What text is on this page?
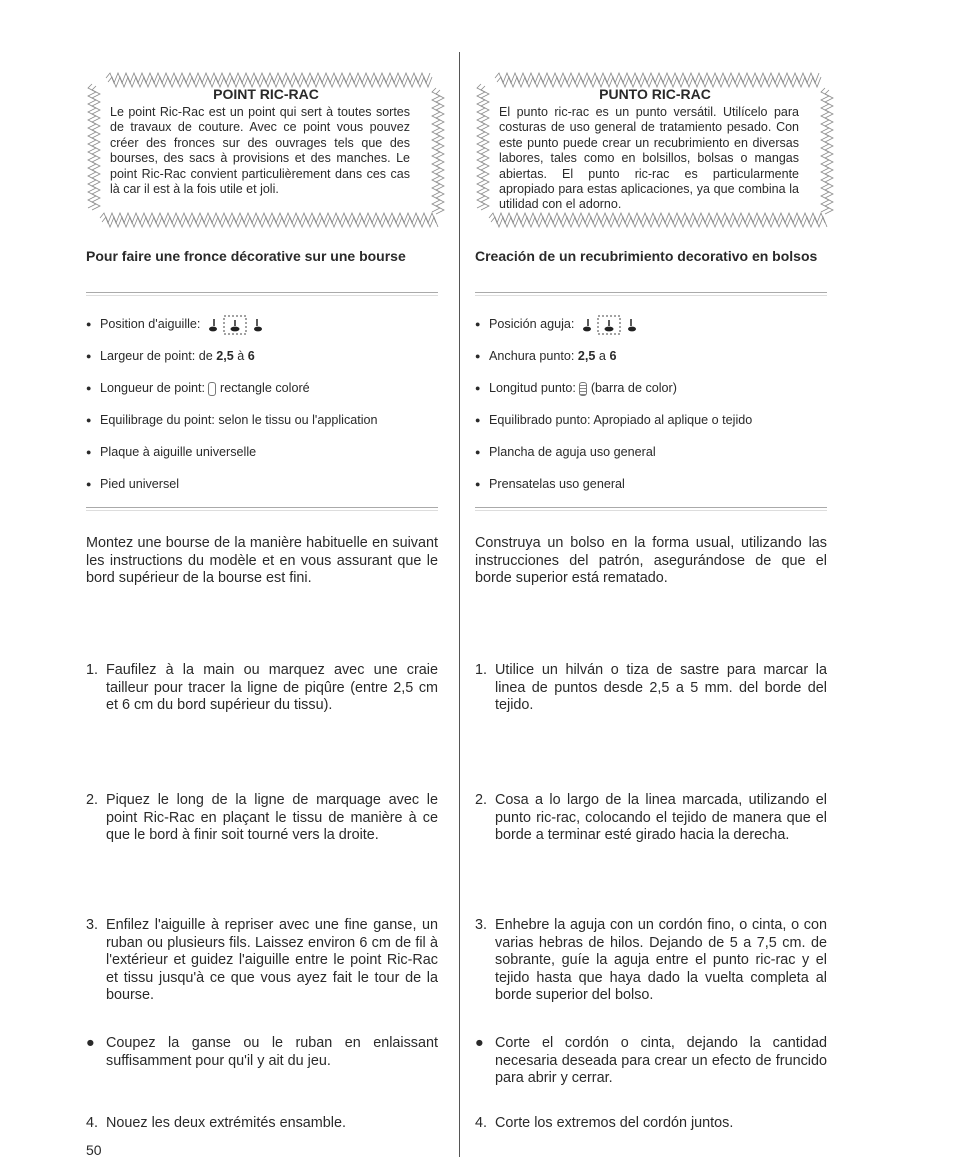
POINT RIC-RAC

Le point Ric-Rac est un point qui sert à toutes sortes de travaux de couture. Avec ce point vous pouvez créer des fronces sur des ouvrages tels que des bourses, des sacs à provisions et des manches. Le point Ric-Rac convient particulièrement dans ces cas là car il est à la fois utile et joli.

Pour faire une fronce décorative sur une bourse

● Position d'aiguille:
● Largeur de point: de 2,5 à 6
● Longueur de point: rectangle coloré
● Equilibrage du point: selon le tissu ou l'application
● Plaque à aiguille universelle
● Pied universel

Montez une bourse de la manière habituelle en suivant les instructions du modèle et en vous assurant que le bord supérieur de la bourse est fini.

1. Faufilez à la main ou marquez avec une craie tailleur pour tracer la ligne de piqûre (entre 2,5 cm et 6 cm du bord supérieur du tissu).
2. Piquez le long de la ligne de marquage avec le point Ric-Rac en plaçant le tissu de manière à ce que le bord à finir soit tourné vers la droite.
3. Enfilez l'aiguille à repriser avec une fine ganse, un ruban ou plusieurs fils. Laissez environ 6 cm de fil à l'extérieur et guidez l'aiguille entre le point Ric-Rac et tissu jusqu'à ce que vous ayez fait le tour de la bourse.
● Coupez la ganse ou le ruban en enlaissant suffisamment pour qu'il y ait du jeu.
4. Nouez les deux extrémités ensamble.

50

PUNTO RIC-RAC

El punto ric-rac es un punto versátil. Utilícelo para costuras de uso general de tratamiento pesado. Con este punto puede crear un recubrimiento en diversas labores, tales como en bolsillos, bolsas o mangas abiertas. El punto ric-rac es particularmente apropiado para estas aplicaciones, ya que combina la utilidad con el adorno.

Creación de un recubrimiento decorativo en bolsos

● Posición aguja:
● Anchura punto: 2,5 a 6
● Longitud punto: (barra de color)
● Equilibrado punto: Apropiado al aplique o tejido
● Plancha de aguja uso general
● Prensatelas uso general

Construya un bolso en la forma usual, utilizando las instrucciones del patrón, asegurándose de que el borde superior está rematado.

1. Utilice un hilván o tiza de sastre para marcar la linea de puntos desde 2,5 a 5 mm. del borde del tejido.
2. Cosa a lo largo de la linea marcada, utilizando el punto ric-rac, colocando el tejido de manera que el borde a terminar esté girado hacia la derecha.
3. Enhebre la aguja con un cordón fino, o cinta, o con varias hebras de hilos. Dejando de 5 a 7,5 cm. de sobrante, guíe la aguja entre el punto ric-rac y el tejido hasta que haya dado la vuelta completa al borde superior del bolso.
● Corte el cordón o cinta, dejando la cantidad necesaria deseada para crear un efecto de fruncido para abrir y cerrar.
4. Corte los extremos del cordón juntos.
